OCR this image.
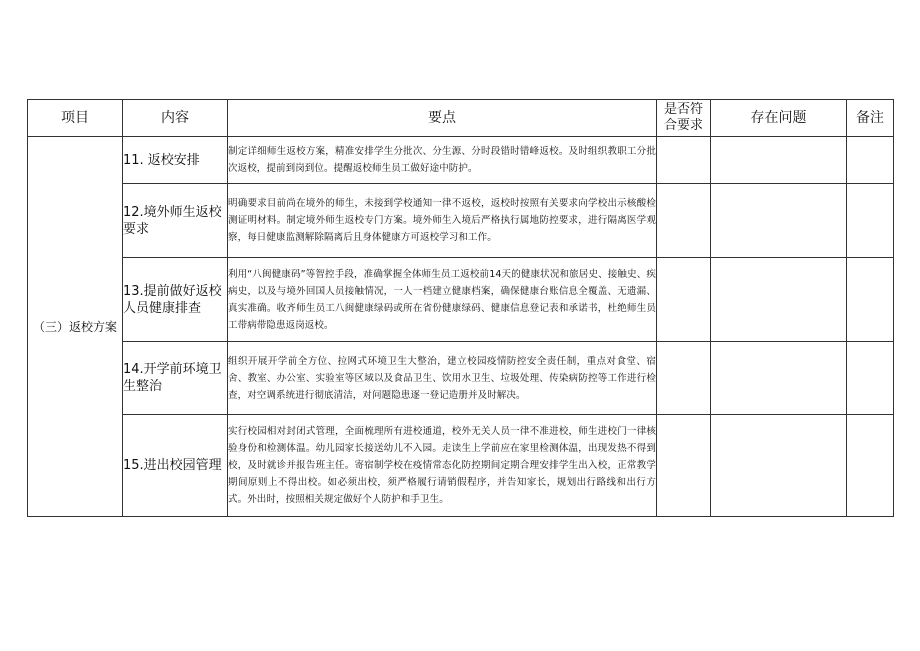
项目	内容	要点	是否符合要求	存在问题	备注
（三）返校方案	11. 返校安排	制定详细师生返校方案，精准安排学生分批次、分生源、分时段错时错峰返校。及时组织教职工分批次返校，提前到岗到位。提醒返校师生员工做好途中防护。			
	12.境外师生返校要求	明确要求目前尚在境外的师生，未接到学校通知一律不返校，返校时按照有关要求向学校出示核酸检测证明材料。制定境外师生返校专门方案。境外师生入境后严格执行属地防控要求，进行隔离医学观察，每日健康监测解除隔离后且身体健康方可返校学习和工作。			
	13.提前做好返校人员健康排查	利用“八闽健康码”等智控手段，准确掌握全体师生员工返校前14天的健康状况和旅居史、接触史、疾病史，以及与境外回国人员接触情况，一人一档建立健康档案，确保健康台账信息全覆盖、无遗漏、真实准确。收齐师生员工八闽健康绿码或所在省份健康绿码、健康信息登记表和承诺书，杜绝师生员工带病带隐患返岗返校。			
	14.开学前环境卫生整治	组织开展开学前全方位、拉网式环境卫生大整治，建立校园疫情防控安全责任制，重点对食堂、宿舍、教室、办公室、实验室等区域以及食品卫生、饮用水卫生、垃圾处理、传染病防控等工作进行检查，对空调系统进行彻底清洁，对问题隐患逐一登记造册并及时解决。			
	15.进出校园管理	实行校园相对封闭式管理，全面梳理所有进校通道，校外无关人员一律不准进校，师生进校门一律核验身份和检测体温。幼儿园家长接送幼儿不入园。走读生上学前应在家里检测体温，出现发热不得到校，及时就诊并报告班主任。寄宿制学校在疫情常态化防控期间定期合理安排学生出入校，正常教学期间原则上不得出校。如必须出校，须严格履行请销假程序，并告知家长，规划出行路线和出行方式。外出时，按照相关规定做好个人防护和手卫生。			
